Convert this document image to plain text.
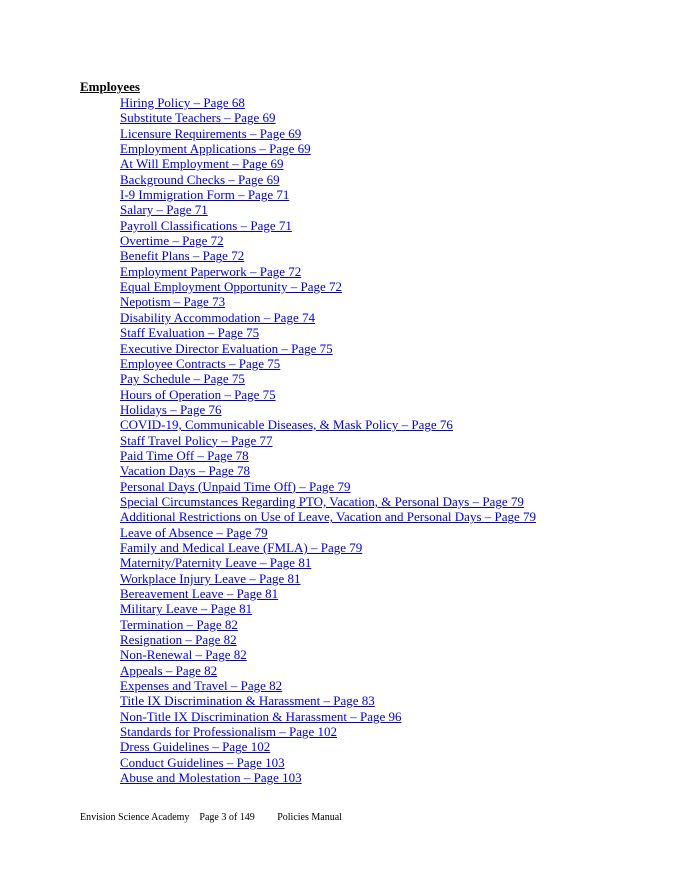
Employees
Hiring Policy – Page 68
Substitute Teachers – Page 69
Licensure Requirements – Page 69
Employment Applications – Page 69
At Will Employment – Page 69
Background Checks – Page 69
I-9 Immigration Form – Page 71
Salary – Page 71
Payroll Classifications – Page 71
Overtime – Page 72
Benefit Plans – Page 72
Employment Paperwork – Page 72
Equal Employment Opportunity – Page 72
Nepotism – Page 73
Disability Accommodation – Page 74
Staff Evaluation – Page 75
Executive Director Evaluation – Page 75
Employee Contracts – Page 75
Pay Schedule – Page 75
Hours of Operation – Page 75
Holidays – Page 76
COVID-19, Communicable Diseases, & Mask Policy – Page 76
Staff Travel Policy – Page 77
Paid Time Off – Page 78
Vacation Days – Page 78
Personal Days (Unpaid Time Off) – Page 79
Special Circumstances Regarding PTO, Vacation, & Personal Days – Page 79
Additional Restrictions on Use of Leave, Vacation and Personal Days – Page 79
Leave of Absence – Page 79
Family and Medical Leave (FMLA) – Page 79
Maternity/Paternity Leave – Page 81
Workplace Injury Leave – Page 81
Bereavement Leave – Page 81
Military Leave – Page 81
Termination – Page 82
Resignation – Page 82
Non-Renewal – Page 82
Appeals – Page 82
Expenses and Travel – Page 82
Title IX Discrimination & Harassment – Page 83
Non-Title IX Discrimination & Harassment – Page 96
Standards for Professionalism – Page 102
Dress Guidelines – Page 102
Conduct Guidelines – Page 103
Abuse and Molestation – Page 103
Envision Science Academy Page 3 of 149 Policies Manual
